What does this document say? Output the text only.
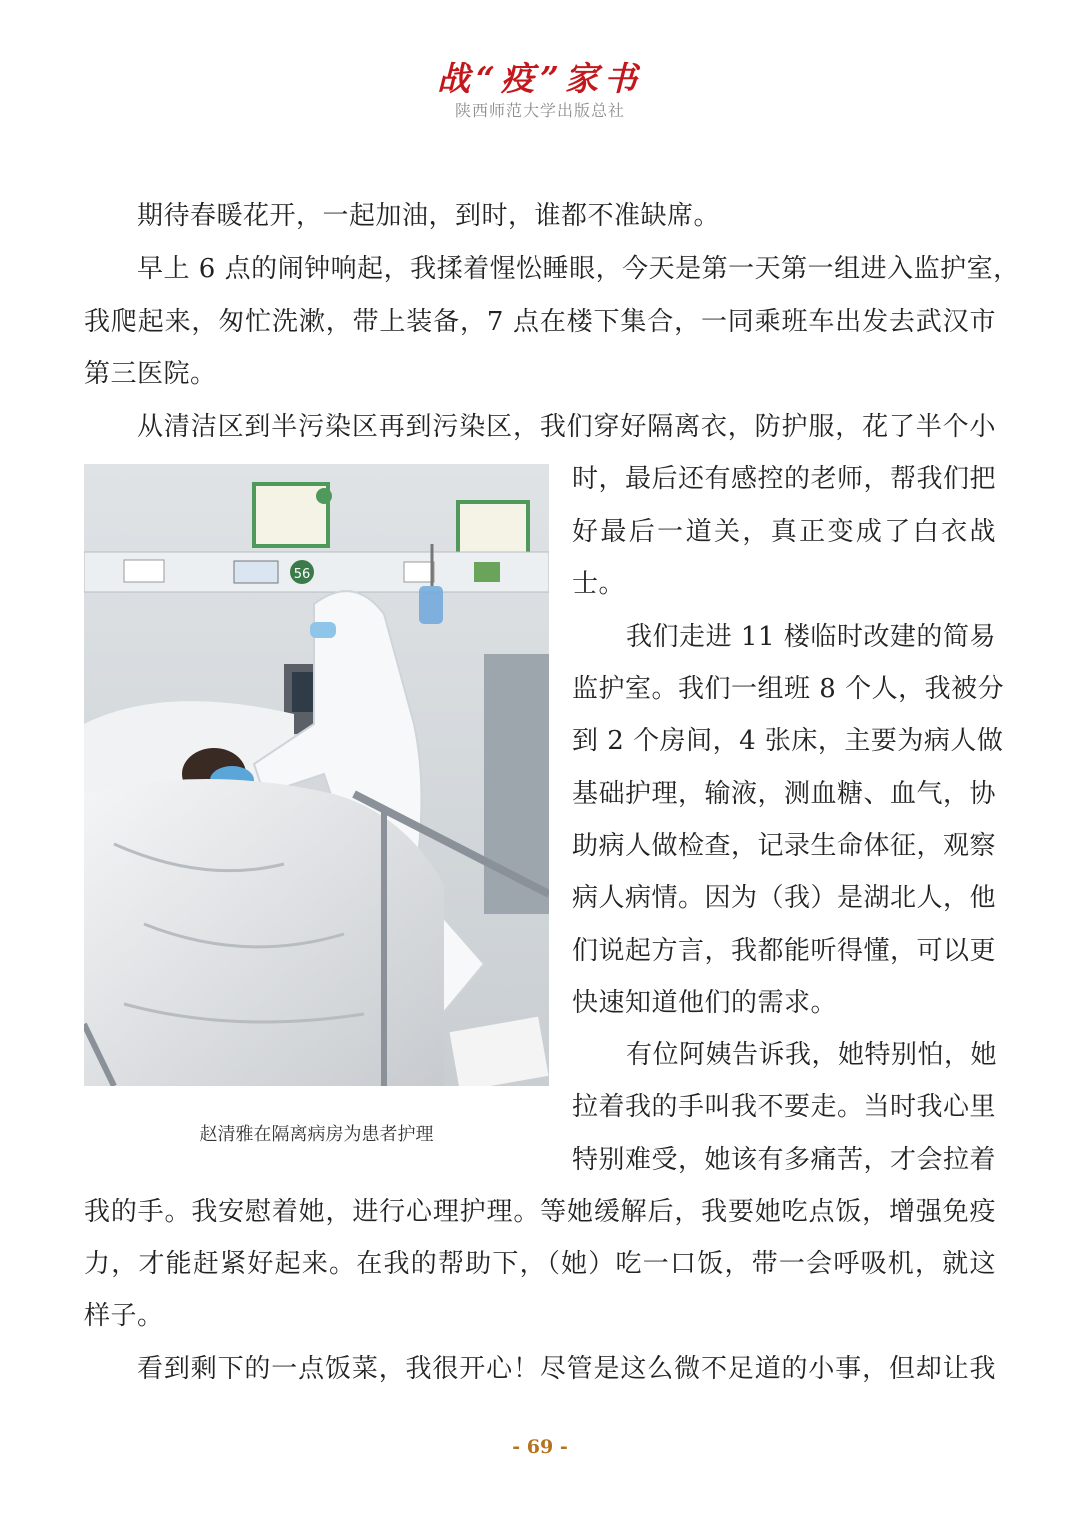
战“疫”家书
陕西师范大学出版总社
期待春暖花开，一起加油，到时，谁都不准缺席。
早上 6 点的闹钟响起，我揉着惺忪睡眼，今天是第一天第一组进入监护室，
我爬起来，匆忙洗漱，带上装备，7 点在楼下集合，一同乘班车出发去武汉市
第三医院。
从清洁区到半污染区再到污染区，我们穿好隔离衣，防护服，花了半个小
时，最后还有感控的老师，帮我们把
好最后一道关，真正变成了白衣战
士。
我们走进 11 楼临时改建的简易
监护室。我们一组班 8 个人，我被分
到 2 个房间，4 张床，主要为病人做
基础护理，输液，测血糖、血气，协
助病人做检查，记录生命体征，观察
病人病情。因为（我）是湖北人，他
们说起方言，我都能听得懂，可以更
快速知道他们的需求。
有位阿姨告诉我，她特别怕，她
拉着我的手叫我不要走。当时我心里
特别难受，她该有多痛苦，才会拉着
我的手。我安慰着她，进行心理护理。等她缓解后，我要她吃点饭，增强免疫
力，才能赶紧好起来。在我的帮助下，（她）吃一口饭，带一会呼吸机，就这
样子。
看到剩下的一点饭菜，我很开心！尽管是这么微不足道的小事，但却让我
56
赵清雅在隔离病房为患者护理
- 69 -
